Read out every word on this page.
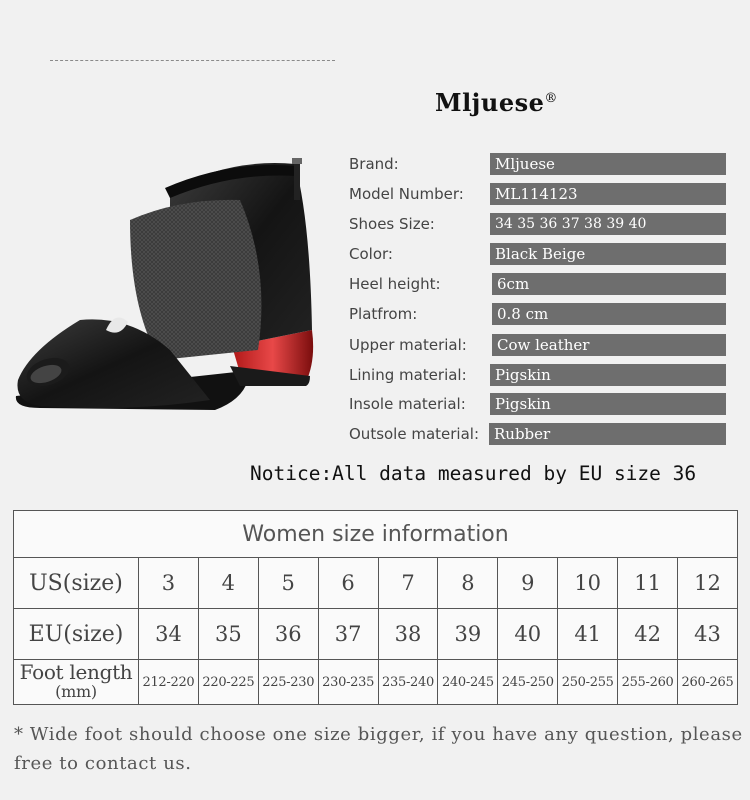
Mljuese®
Brand:	Mljuese
Model Number:	ML114123
Shoes Size:	34 35 36 37 38 39 40
Color:	Black Beige
Heel height:	6cm
Platfrom:	0.8 cm
Upper material:	Cow leather
Lining material:	Pigskin
Insole material:	Pigskin
Outsole material: Rubber
Notice:All data measured by EU size 36
Women size information										
US(size)	3	4	5	6	7	8	9	10	11	12
EU(size)	34	35	36	37	38	39	40	41	42	43
Foot length
(mm)	212-220	220-225	225-230	230-235	235-240	240-245	245-250	250-255	255-260	260-265
* Wide foot should choose one size bigger, if you have any question, please free to contact us.
